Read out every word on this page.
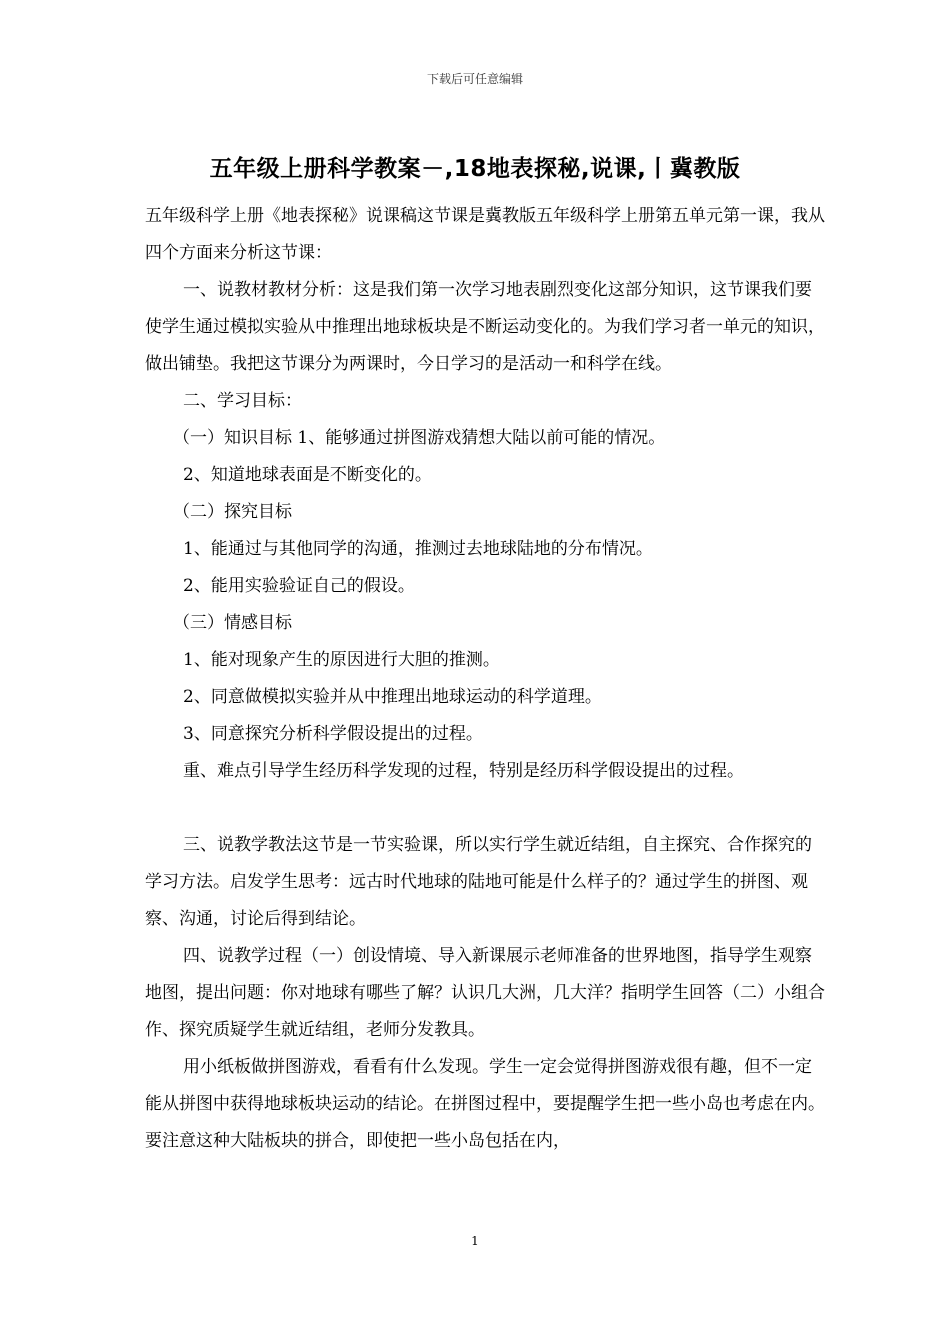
下载后可任意编辑
五年级上册科学教案－,18地表探秘,说课,丨冀教版

五年级科学上册《地表探秘》说课稿这节课是冀教版五年级科学上册第五单元第一课，我从四个方面来分析这节课：

一、说教材教材分析：这是我们第一次学习地表剧烈变化这部分知识，这节课我们要使学生通过模拟实验从中推理出地球板块是不断运动变化的。为我们学习者一单元的知识，做出铺垫。我把这节课分为两课时，今日学习的是活动一和科学在线。

二、学习目标：

（一）知识目标 1、能够通过拼图游戏猜想大陆以前可能的情况。

2、知道地球表面是不断变化的。

（二）探究目标

1、能通过与其他同学的沟通，推测过去地球陆地的分布情况。

2、能用实验验证自己的假设。

（三）情感目标

1、能对现象产生的原因进行大胆的推测。

2、同意做模拟实验并从中推理出地球运动的科学道理。

3、同意探究分析科学假设提出的过程。

重、难点引导学生经历科学发现的过程，特别是经历科学假设提出的过程。

三、说教学教法这节是一节实验课，所以实行学生就近结组，自主探究、合作探究的学习方法。启发学生思考：远古时代地球的陆地可能是什么样子的？通过学生的拼图、观察、沟通，讨论后得到结论。

四、说教学过程（一）创设情境、导入新课展示老师准备的世界地图，指导学生观察地图，提出问题：你对地球有哪些了解？认识几大洲，几大洋？指明学生回答（二）小组合作、探究质疑学生就近结组，老师分发教具。

用小纸板做拼图游戏，看看有什么发现。学生一定会觉得拼图游戏很有趣，但不一定能从拼图中获得地球板块运动的结论。在拼图过程中，要提醒学生把一些小岛也考虑在内。要注意这种大陆板块的拼合，即使把一些小岛包括在内，

1
